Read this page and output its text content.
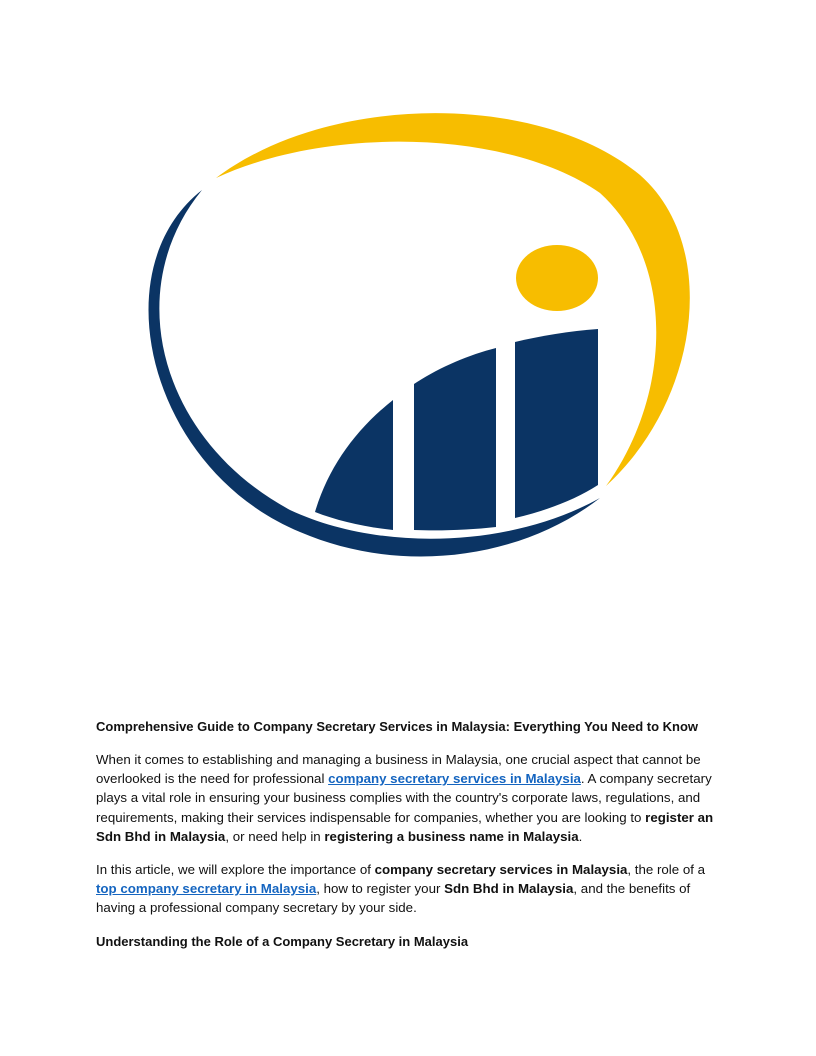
Comprehensive Guide to Company Secretary Services in Malaysia: Everything You Need to Know

When it comes to establishing and managing a business in Malaysia, one crucial aspect that cannot be overlooked is the need for professional company secretary services in Malaysia. A company secretary plays a vital role in ensuring your business complies with the country's corporate laws, regulations, and requirements, making their services indispensable for companies, whether you are looking to register an Sdn Bhd in Malaysia, or need help in registering a business name in Malaysia.

In this article, we will explore the importance of company secretary services in Malaysia, the role of a top company secretary in Malaysia, how to register your Sdn Bhd in Malaysia, and the benefits of having a professional company secretary by your side.

Understanding the Role of a Company Secretary in Malaysia
